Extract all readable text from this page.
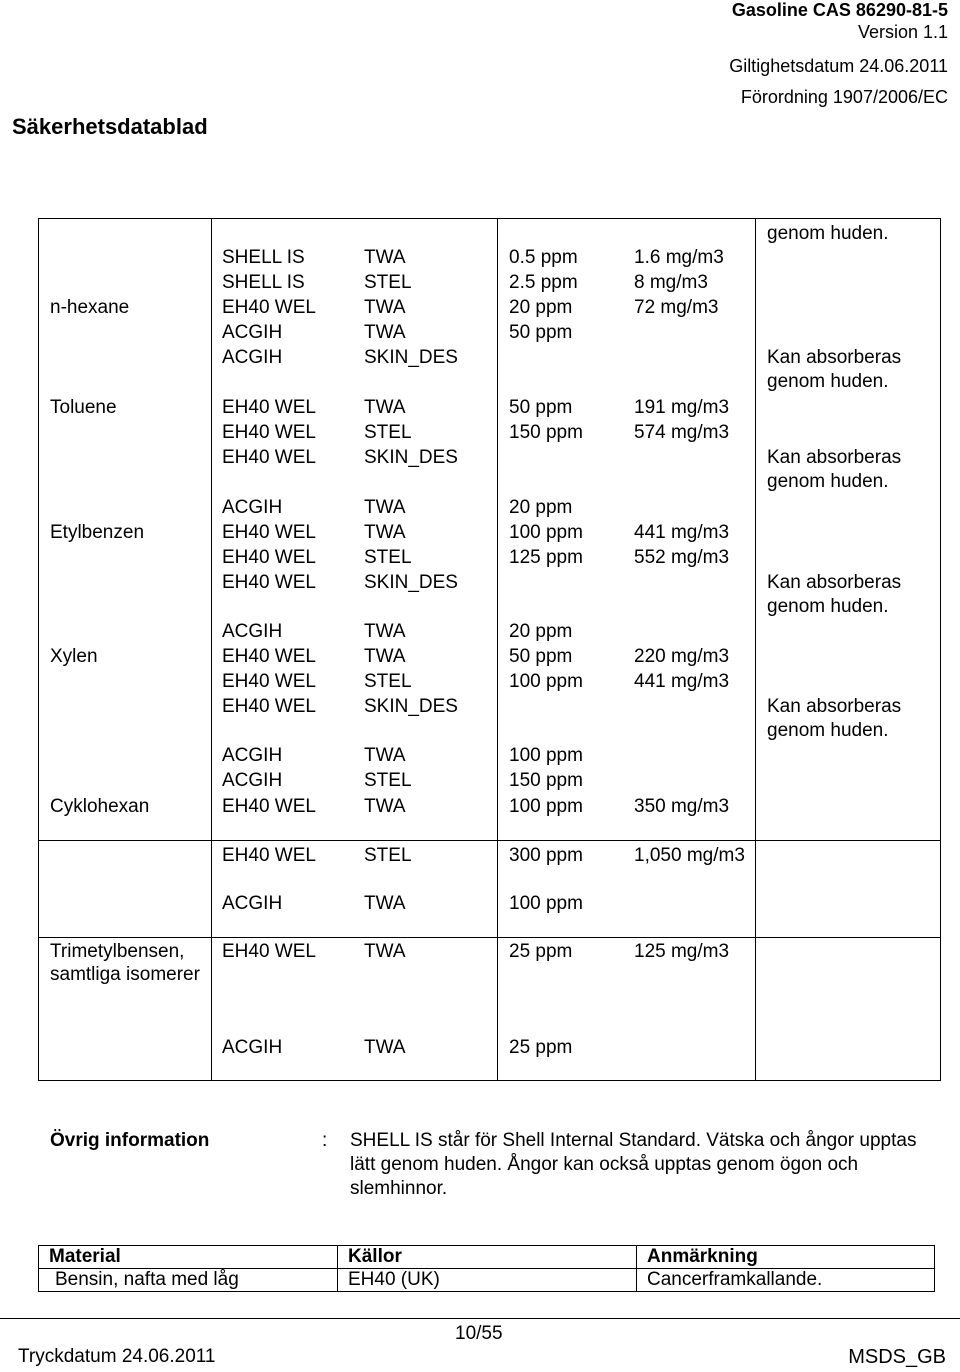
Gasoline CAS 86290-81-5
Version 1.1
Giltighetsdatum 24.06.2011
Förordning 1907/2006/EC
Säkerhetsdatablad
genom huden.
SHELL IS	TWA	0.5 ppm	1.6 mg/m3
SHELL IS	STEL	2.5 ppm	8 mg/m3
n-hexane	EH40 WEL	TWA	20 ppm	72 mg/m3
ACGIH	TWA	50 ppm
ACGIH	SKIN_DES	Kan absorberas
genom huden.
Toluene	EH40 WEL	TWA	50 ppm	191 mg/m3
EH40 WEL	STEL	150 ppm	574 mg/m3
EH40 WEL	SKIN_DES	Kan absorberas
genom huden.
ACGIH	TWA	20 ppm
Etylbenzen	EH40 WEL	TWA	100 ppm	441 mg/m3
EH40 WEL	STEL	125 ppm	552 mg/m3
EH40 WEL	SKIN_DES	Kan absorberas
genom huden.
ACGIH	TWA	20 ppm
Xylen	EH40 WEL	TWA	50 ppm	220 mg/m3
EH40 WEL	STEL	100 ppm	441 mg/m3
EH40 WEL	SKIN_DES	Kan absorberas
genom huden.
ACGIH	TWA	100 ppm
ACGIH	STEL	150 ppm
Cyklohexan	EH40 WEL	TWA	100 ppm	350 mg/m3
EH40 WEL	STEL	300 ppm	1,050 mg/m3
ACGIH	TWA	100 ppm
Trimetylbensen, samtliga isomerer
EH40 WEL	TWA	25 ppm	125 mg/m3
ACGIH	TWA	25 ppm
Övrig information	: SHELL IS står för Shell Internal Standard. Vätska och ångor upptas lätt genom huden. Ångor kan också upptas genom ögon och slemhinnor.
Material	Källor	Anmärkning
Bensin, nafta med låg	EH40 (UK)	Cancerframkallande.
10/55
Tryckdatum 24.06.2011	MSDS_GB
